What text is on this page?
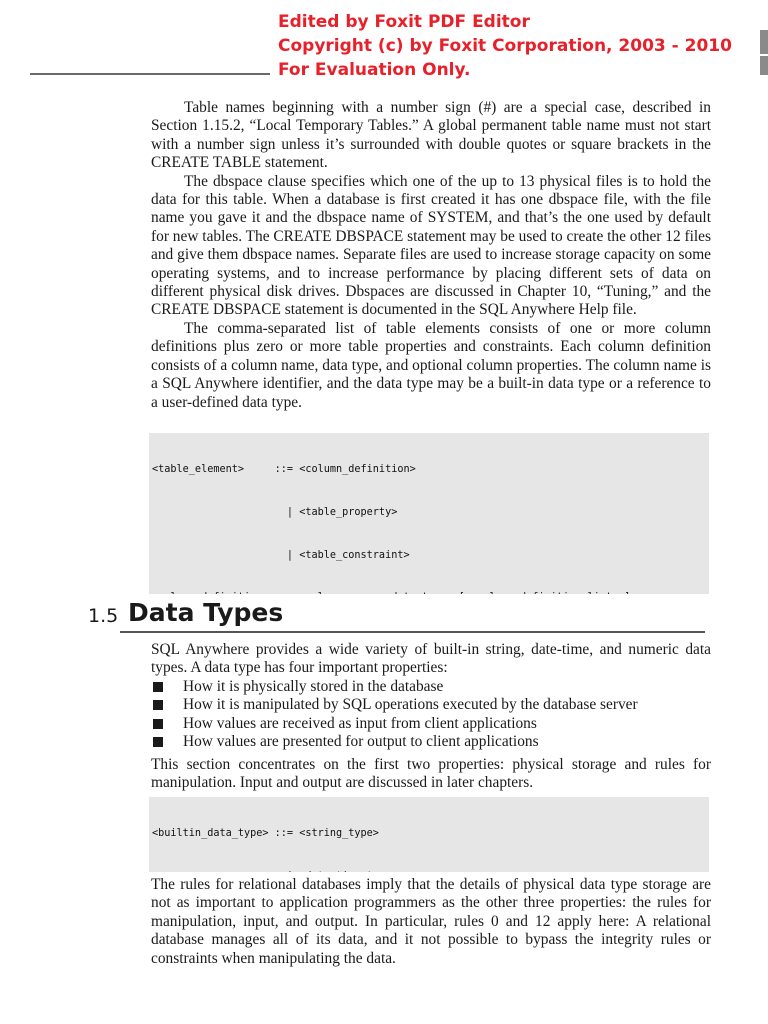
Edited by Foxit PDF Editor
Copyright (c) by Foxit Corporation, 2003 - 2010
For Evaluation Only.

Table names beginning with a number sign (#) are a special case, described in Section 1.15.2, “Local Temporary Tables.” A global permanent table name must not start with a number sign unless it’s surrounded with double quotes or square brackets in the CREATE TABLE statement.

The dbspace clause specifies which one of the up to 13 physical files is to hold the data for this table. When a database is first created it has one dbspace file, with the file name you gave it and the dbspace name of SYSTEM, and that’s the one used by default for new tables. The CREATE DBSPACE statement may be used to create the other 12 files and give them dbspace names. Separate files are used to increase storage capacity on some operating systems, and to increase performance by placing different sets of data on different physical disk drives. Dbspaces are discussed in Chapter 10, “Tuning,” and the CREATE DBSPACE statement is documented in the SQL Anywhere Help file.

The comma-separated list of table elements consists of one or more column definitions plus zero or more table properties and constraints. Each column definition consists of a column name, data type, and optional column properties. The column name is a SQL Anywhere identifier, and the data type may be a built-in data type or a reference to a user-defined data type.

<table_element>     ::= <column_definition>

| <table_property>

| <table_constraint>

1.5 Data Types

SQL Anywhere provides a wide variety of built-in string, date-time, and numeric data types. A data type has four important properties:

How it is physically stored in the database
How it is manipulated by SQL operations executed by the database server
How values are received as input from client applications
How values are presented for output to client applications

This section concentrates on the first two properties: physical storage and rules for manipulation. Input and output are discussed in later chapters.

<builtin_data_type> ::= <string_type>

The rules for relational databases imply that the details of physical data type storage are not as important to application programmers as the other three properties: the rules for manipulation, input, and output. In particular, rules 0 and 12 apply here: A relational database manages all of its data, and it not possible to bypass the integrity rules or constraints when manipulating the data.
